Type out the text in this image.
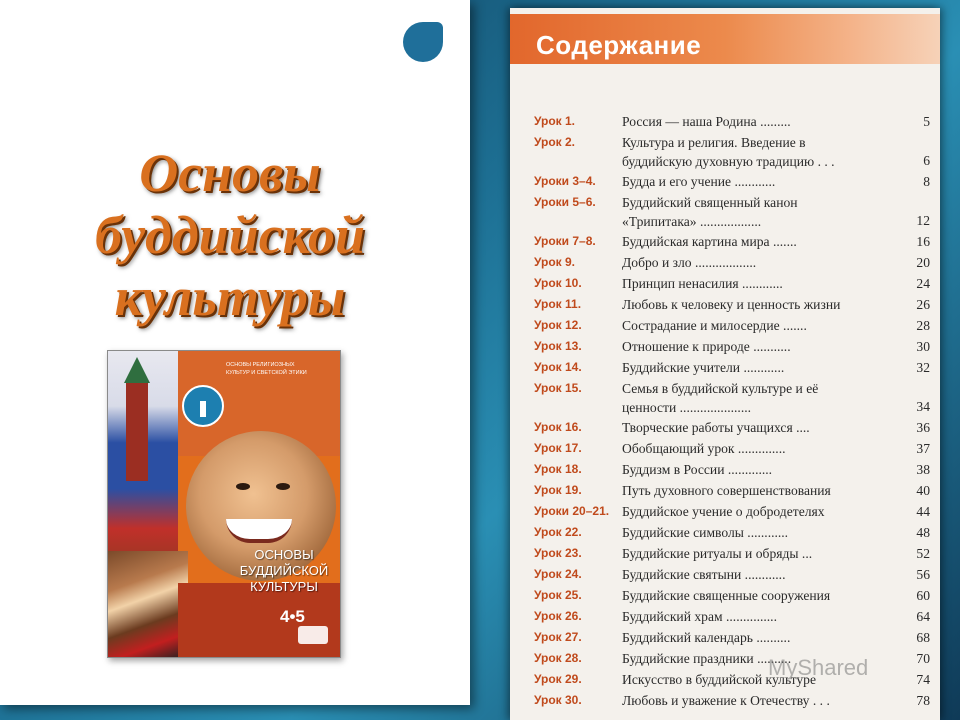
Основы
буддийской
культуры
ОСНОВЫ РЕЛИГИОЗНЫХ КУЛЬТУР И СВЕТСКОЙ ЭТИКИ
ОСНОВЫ
БУДДИЙСКОЙ
КУЛЬТУРЫ
4•5
Содержание
Урок 1.	Россия — наша Родина .........	5
Урок 2.	Культура и религия. Введение в
буддийскую духовную традицию . . .	6
Уроки 3–4.	Будда и его учение ............	8
Уроки 5–6.	Буддийский священный канон
«Трипитака» ..................	12
Уроки 7–8.	Буддийская картина мира .......	16
Урок 9.	Добро и зло ..................	20
Урок 10.	Принцип ненасилия ............	24
Урок 11.	Любовь к человеку и ценность жизни	26
Урок 12.	Сострадание и милосердие .......	28
Урок 13.	Отношение к природе ...........	30
Урок 14.	Буддийские учители ............	32
Урок 15.	Семья в буддийской культуре и её
ценности .....................	34
Урок 16.	Творческие работы учащихся ....	36
Урок 17.	Обобщающий урок ..............	37
Урок 18.	Буддизм в России .............	38
Урок 19.	Путь духовного совершенствования	40
Уроки 20–21. Буддийское учение о добродетелях	44
Урок 22.	Буддийские символы ............	48
Урок 23.	Буддийские ритуалы и обряды ...	52
Урок 24.	Буддийские святыни ............	56
Урок 25.	Буддийские священные сооружения	60
Урок 26.	Буддийский храм ...............	64
Урок 27.	Буддийский календарь ..........	68
Урок 28.	Буддийские праздники ..........	70
Урок 29.	Искусство в буддийской культуре	74
Урок 30.	Любовь и уважение к Отечеству . . .	78
MyShared
